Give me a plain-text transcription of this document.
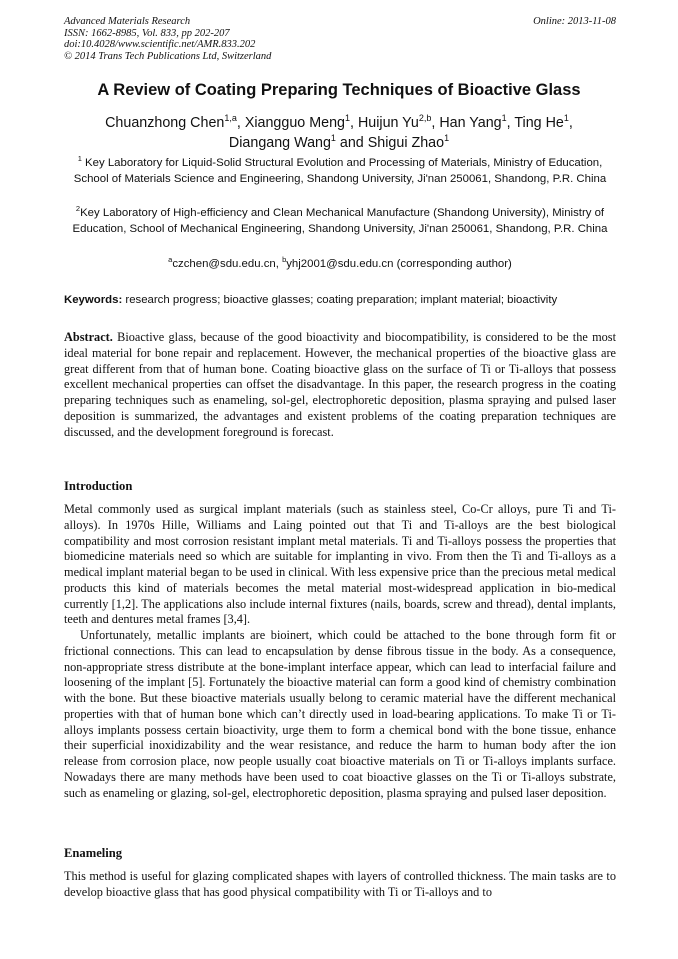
Advanced Materials Research
ISSN: 1662-8985, Vol. 833, pp 202-207
doi:10.4028/www.scientific.net/AMR.833.202
© 2014 Trans Tech Publications Ltd, Switzerland
Online: 2013-11-08
A Review of Coating Preparing Techniques of Bioactive Glass
Chuanzhong Chen$^{1,a}$, Xiangguo Meng$^1$, Huijun Yu$^{2,b}$, Han Yang$^1$, Ting He$^1$,
Diangang Wang$^1$ and Shigui Zhao$^1$
$^1$ Key Laboratory for Liquid-Solid Structural Evolution and Processing of Materials, Ministry of Education, School of Materials Science and Engineering, Shandong University, Ji'nan 250061, Shandong, P.R. China
$^2$Key Laboratory of High-efficiency and Clean Mechanical Manufacture (Shandong University), Ministry of Education, School of Mechanical Engineering, Shandong University, Ji'nan 250061, Shandong, P.R. China
$^a$czchen@sdu.edu.cn, $^b$yhj2001@sdu.edu.cn (corresponding author)
Keywords: research progress; bioactive glasses; coating preparation; implant material; bioactivity

Abstract. Bioactive glass, because of the good bioactivity and biocompatibility, is considered to be the most ideal material for bone repair and replacement. However, the mechanical properties of the bioactive glass are great different from that of human bone. Coating bioactive glass on the surface of Ti or Ti-alloys that possess excellent mechanical properties can offset the disadvantage. In this paper, the research progress in the coating preparing techniques such as enameling, sol-gel, electrophoretic deposition, plasma spraying and pulsed laser deposition is summarized, the advantages and existent problems of the coating preparation techniques are discussed, and the development foreground is forecast.

Introduction

Metal commonly used as surgical implant materials (such as stainless steel, Co-Cr alloys, pure Ti and Ti-alloys). In 1970s Hille, Williams and Laing pointed out that Ti and Ti-alloys are the best biological compatibility and most corrosion resistant implant metal materials. Ti and Ti-alloys possess the properties that biomedicine materials need so which are suitable for implanting in vivo. From then the Ti and Ti-alloys as a medical implant material began to be used in clinical. With less expensive price than the precious metal medical products this kind of materials becomes the metal material most-widespread application in bio-medical currently [1,2]. The applications also include internal fixtures (nails, boards, screw and thread), dental implants, teeth and dentures metal frames [3,4].

Unfortunately, metallic implants are bioinert, which could be attached to the bone through form fit or frictional connections. This can lead to encapsulation by dense fibrous tissue in the body. As a consequence, non-appropriate stress distribute at the bone-implant interface appear, which can lead to interfacial failure and loosening of the implant [5]. Fortunately the bioactive material can form a good kind of chemistry combination with the bone. But these bioactive materials usually belong to ceramic material have the different mechanical properties with that of human bone which can’t directly used in load-bearing applications. To make Ti or Ti-alloys implants possess certain bioactivity, urge them to form a chemical bond with the bone tissue, enhance their superficial inoxidizability and the wear resistance, and reduce the harm to human body after the ion release from corrosion place, now people usually coat bioactive materials on Ti or Ti-alloys implants surface. Nowadays there are many methods have been used to coat bioactive glasses on the Ti or Ti-alloys substrate, such as enameling or glazing, sol-gel, electrophoretic deposition, plasma spraying and pulsed laser deposition.

Enameling

This method is useful for glazing complicated shapes with layers of controlled thickness. The main tasks are to develop bioactive glass that has good physical compatibility with Ti or Ti-alloys and to
